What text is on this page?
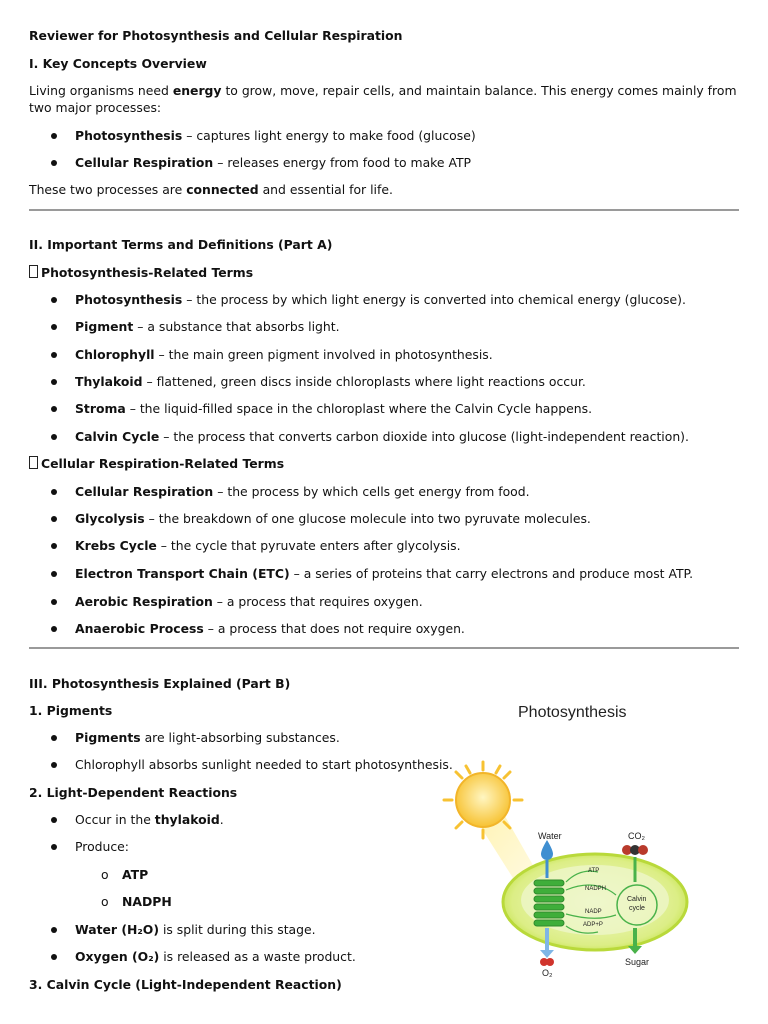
Reviewer for Photosynthesis and Cellular Respiration
I. Key Concepts Overview
Living organisms need energy to grow, move, repair cells, and maintain balance. This energy comes mainly from two major processes:
Photosynthesis – captures light energy to make food (glucose)
Cellular Respiration – releases energy from food to make ATP
These two processes are connected and essential for life.
II. Important Terms and Definitions (Part A)
Photosynthesis-Related Terms
Photosynthesis – the process by which light energy is converted into chemical energy (glucose).
Pigment – a substance that absorbs light.
Chlorophyll – the main green pigment involved in photosynthesis.
Thylakoid – flattened, green discs inside chloroplasts where light reactions occur.
Stroma – the liquid-filled space in the chloroplast where the Calvin Cycle happens.
Calvin Cycle – the process that converts carbon dioxide into glucose (light-independent reaction).
Cellular Respiration-Related Terms
Cellular Respiration – the process by which cells get energy from food.
Glycolysis – the breakdown of one glucose molecule into two pyruvate molecules.
Krebs Cycle – the cycle that pyruvate enters after glycolysis.
Electron Transport Chain (ETC) – a series of proteins that carry electrons and produce most ATP.
Aerobic Respiration – a process that requires oxygen.
Anaerobic Process – a process that does not require oxygen.
III. Photosynthesis Explained (Part B)
1. Pigments
Pigments are light-absorbing substances.
Chlorophyll absorbs sunlight needed to start photosynthesis.
2. Light-Dependent Reactions
Occur in the thylakoid.
Produce:
o ATP
o NADPH
Water (H₂O) is split during this stage.
Oxygen (O₂) is released as a waste product.
3. Calvin Cycle (Light-Independent Reaction)
Photosynthesis
Water	CO₂
ATP
NADPH
NADP
ADP+P
Calvin
cycle
O₂
Sugar
